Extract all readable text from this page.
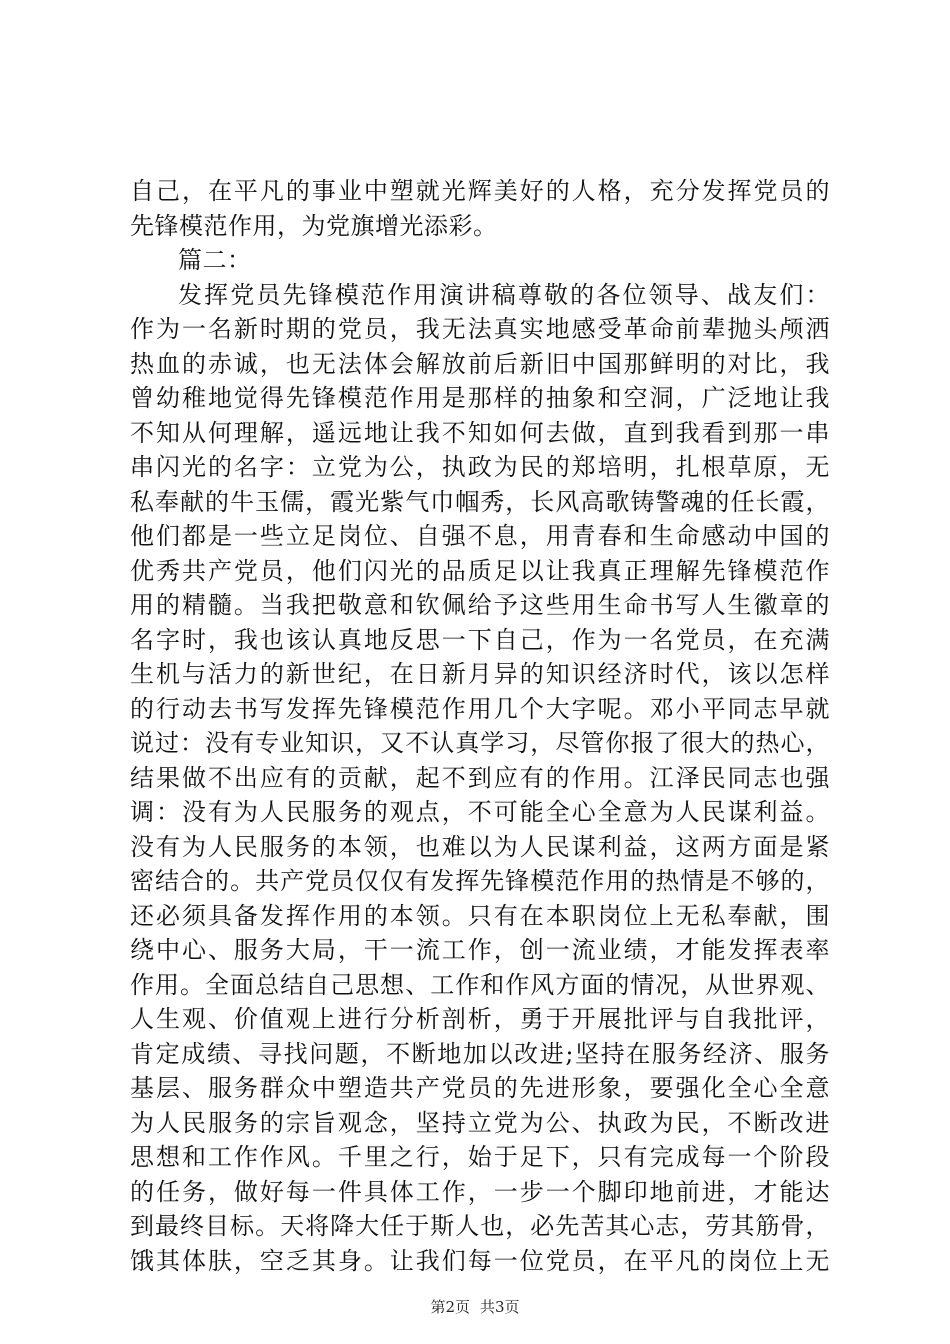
自己，在平凡的事业中塑就光辉美好的人格，充分发挥党员的
先锋模范作用，为党旗增光添彩。
篇二：
发挥党员先锋模范作用演讲稿尊敬的各位领导、战友们：
作为一名新时期的党员，我无法真实地感受革命前辈抛头颅洒
热血的赤诚，也无法体会解放前后新旧中国那鲜明的对比，我
曾幼稚地觉得先锋模范作用是那样的抽象和空洞，广泛地让我
不知从何理解，遥远地让我不知如何去做，直到我看到那一串
串闪光的名字：立党为公，执政为民的郑培明，扎根草原，无
私奉献的牛玉儒，霞光紫气巾帼秀，长风高歌铸警魂的任长霞，
他们都是一些立足岗位、自强不息，用青春和生命感动中国的
优秀共产党员，他们闪光的品质足以让我真正理解先锋模范作
用的精髓。当我把敬意和钦佩给予这些用生命书写人生徽章的
名字时，我也该认真地反思一下自己，作为一名党员，在充满
生机与活力的新世纪，在日新月异的知识经济时代，该以怎样
的行动去书写发挥先锋模范作用几个大字呢。邓小平同志早就
说过：没有专业知识，又不认真学习，尽管你报了很大的热心，
结果做不出应有的贡献，起不到应有的作用。江泽民同志也强
调：没有为人民服务的观点，不可能全心全意为人民谋利益。
没有为人民服务的本领，也难以为人民谋利益，这两方面是紧
密结合的。共产党员仅仅有发挥先锋模范作用的热情是不够的，
还必须具备发挥作用的本领。只有在本职岗位上无私奉献，围
绕中心、服务大局，干一流工作，创一流业绩，才能发挥表率
作用。全面总结自己思想、工作和作风方面的情况，从世界观、
人生观、价值观上进行分析剖析，勇于开展批评与自我批评，
肯定成绩、寻找问题，不断地加以改进;坚持在服务经济、服务
基层、服务群众中塑造共产党员的先进形象，要强化全心全意
为人民服务的宗旨观念，坚持立党为公、执政为民，不断改进
思想和工作作风。千里之行，始于足下，只有完成每一个阶段
的任务，做好每一件具体工作，一步一个脚印地前进，才能达
到最终目标。天将降大任于斯人也，必先苦其心志，劳其筋骨，
饿其体肤，空乏其身。让我们每一位党员，在平凡的岗位上无
第2页 共3页
